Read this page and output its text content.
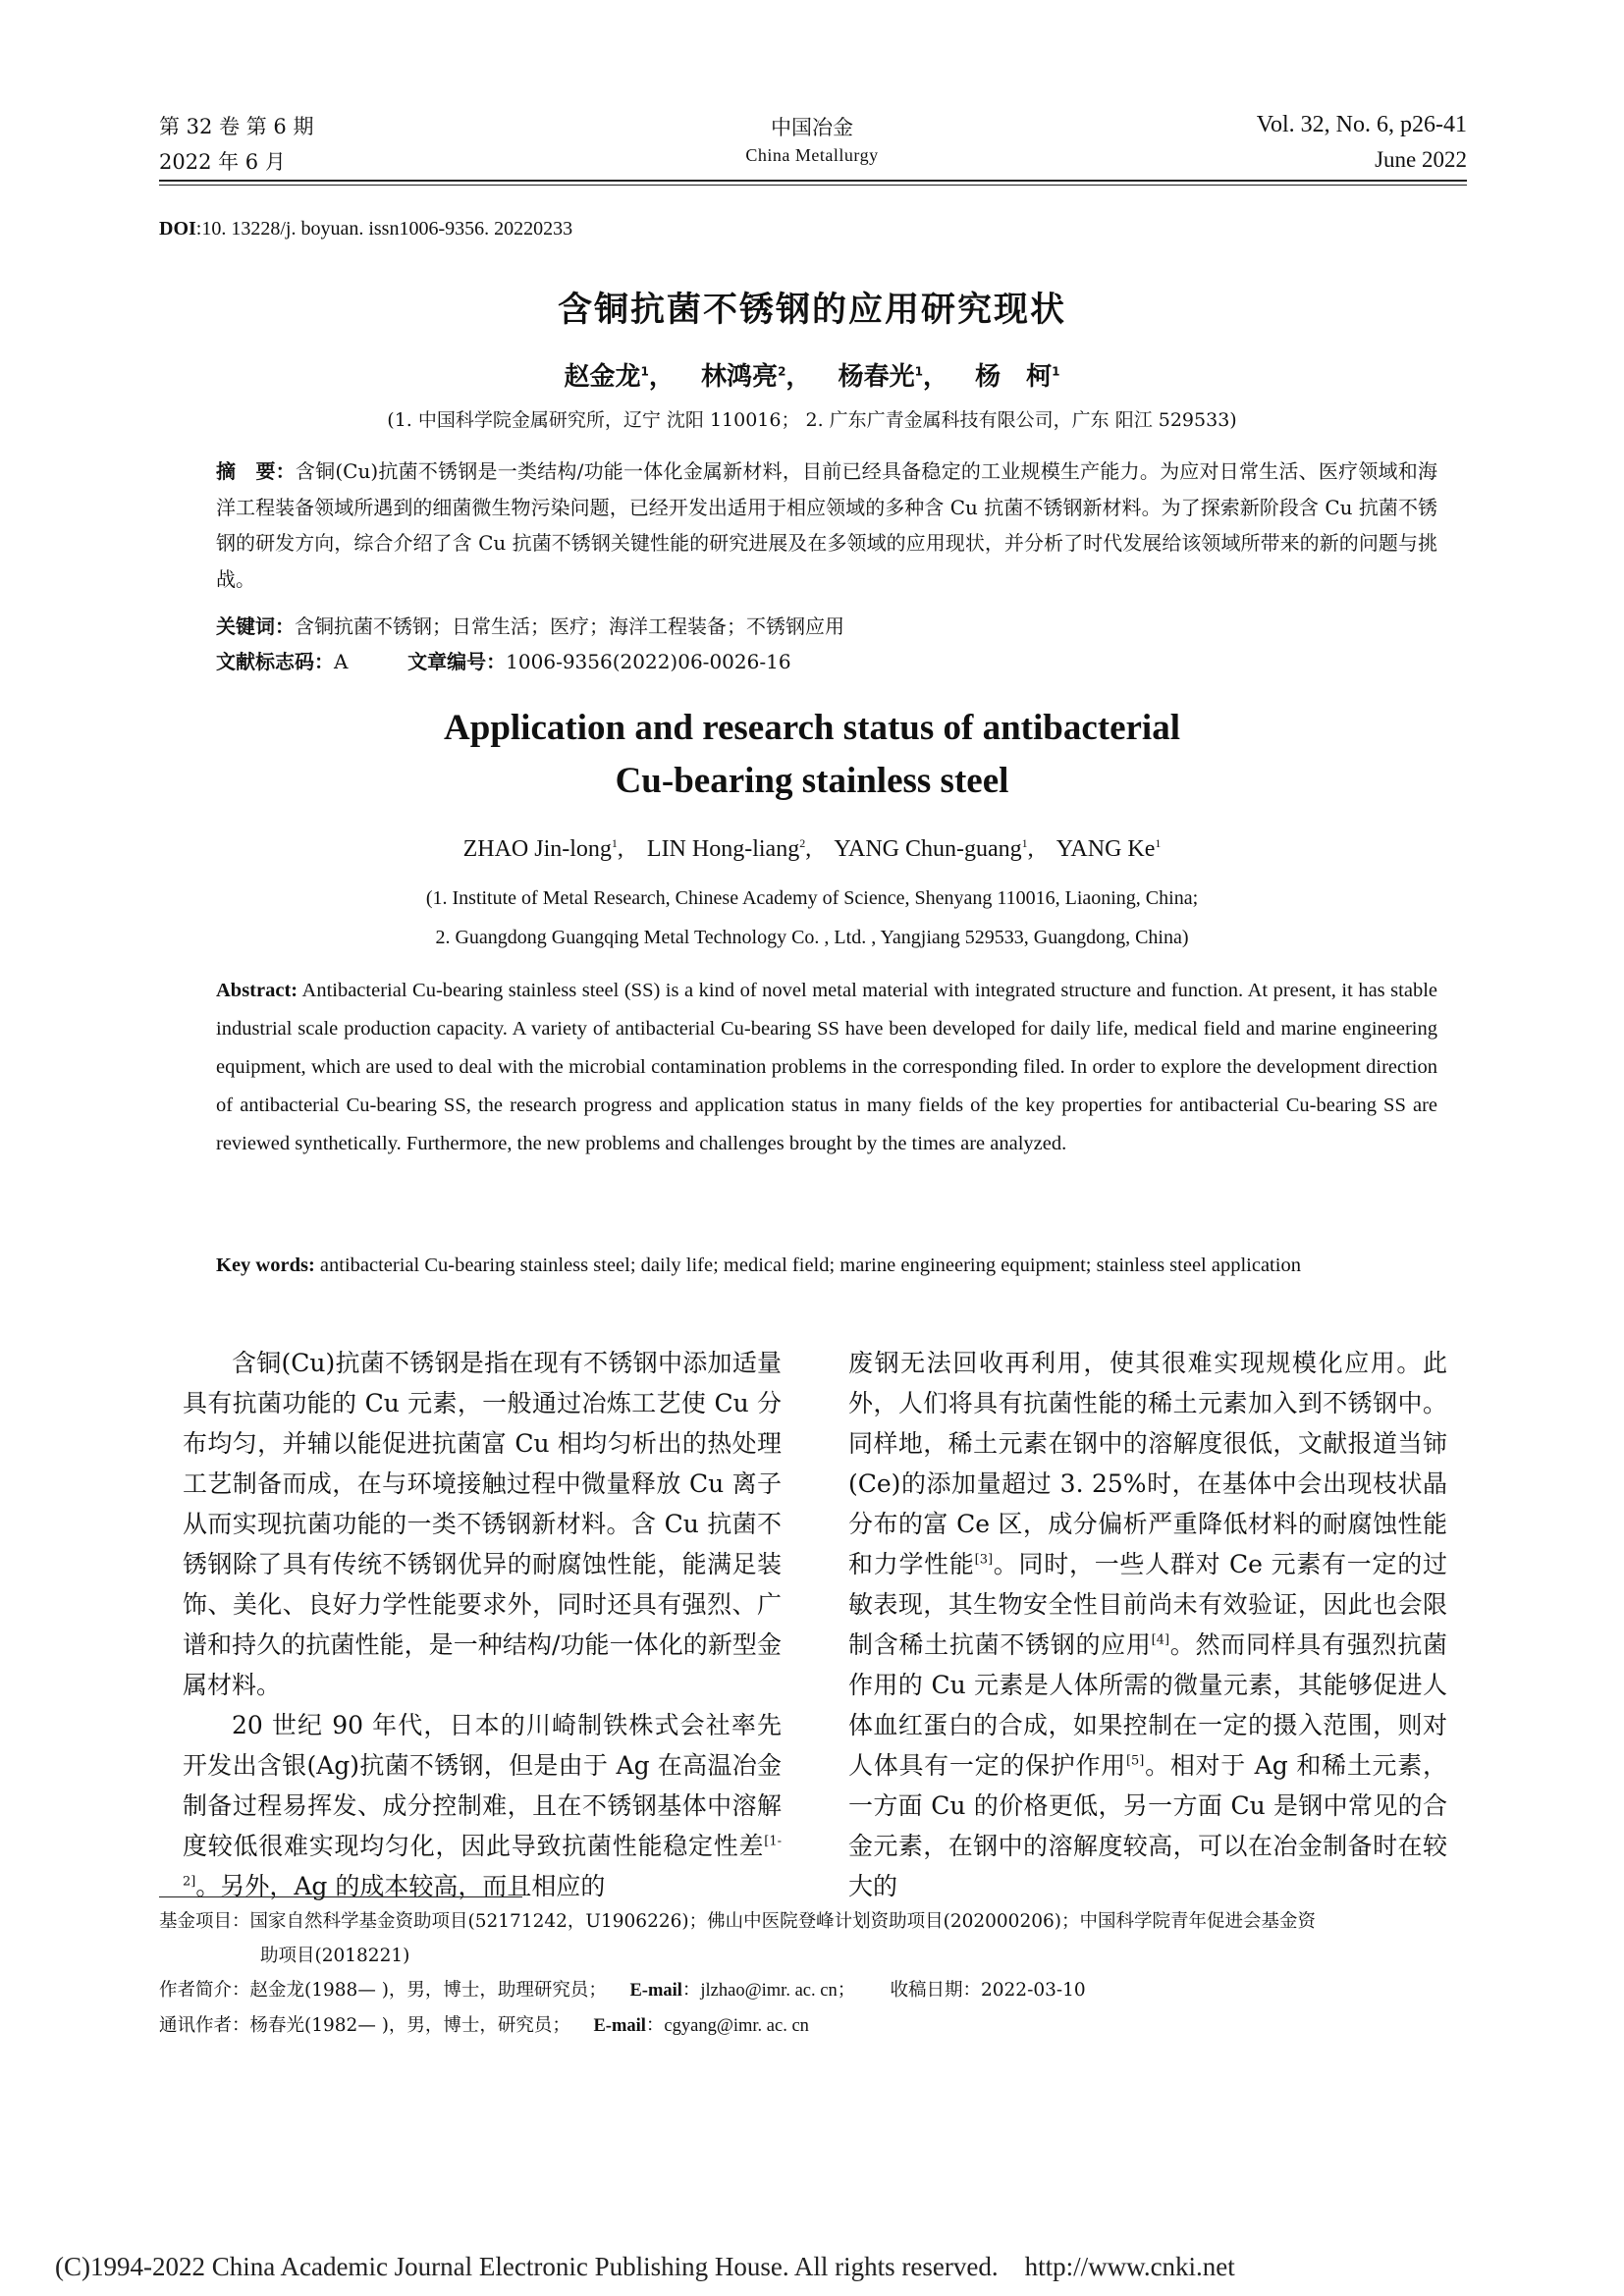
第 32 卷 第 6 期
2022 年 6 月
中国冶金
China Metallurgy
Vol. 32, No. 6, p26-41
June 2022
DOI:10. 13228/j. boyuan. issn1006-9356. 20220233
含铜抗菌不锈钢的应用研究现状
赵金龙$^1$，   林鸿亮$^2$，   杨春光$^1$，   杨　柯$^1$
(1. 中国科学院金属研究所，辽宁 沈阳 110016； 2. 广东广青金属科技有限公司，广东 阳江 529533)
摘　要：含铜(Cu)抗菌不锈钢是一类结构/功能一体化金属新材料，目前已经具备稳定的工业规模生产能力。为应对日常生活、医疗领域和海洋工程装备领域所遇到的细菌微生物污染问题，已经开发出适用于相应领域的多种含 Cu 抗菌不锈钢新材料。为了探索新阶段含 Cu 抗菌不锈钢的研发方向，综合介绍了含 Cu 抗菌不锈钢关键性能的研究进展及在多领域的应用现状，并分析了时代发展给该领域所带来的新的问题与挑战。
关键词：含铜抗菌不锈钢；日常生活；医疗；海洋工程装备；不锈钢应用
文献标志码：A	文章编号：1006-9356(2022)06-0026-16
Application and research status of antibacterial
Cu-bearing stainless steel
ZHAO Jin-long$^1$,    LIN Hong-liang$^2$,    YANG Chun-guang$^1$,    YANG Ke$^1$
(1. Institute of Metal Research, Chinese Academy of Science, Shenyang 110016, Liaoning, China;
2. Guangdong Guangqing Metal Technology Co. , Ltd. , Yangjiang 529533, Guangdong, China)
Abstract: Antibacterial Cu-bearing stainless steel (SS) is a kind of novel metal material with integrated structure and function. At present, it has stable industrial scale production capacity. A variety of antibacterial Cu-bearing SS have been developed for daily life, medical field and marine engineering equipment, which are used to deal with the microbial contamination problems in the corresponding filed. In order to explore the development direction of antibacterial Cu-bearing SS, the research progress and application status in many fields of the key properties for antibacterial Cu-bearing SS are reviewed synthetically. Furthermore, the new problems and challenges brought by the times are analyzed.
Key words: antibacterial Cu-bearing stainless steel; daily life; medical field; marine engineering equipment; stainless steel application

含铜(Cu)抗菌不锈钢是指在现有不锈钢中添加适量具有抗菌功能的 Cu 元素，一般通过冶炼工艺使 Cu 分布均匀，并辅以能促进抗菌富 Cu 相均匀析出的热处理工艺制备而成，在与环境接触过程中微量释放 Cu 离子从而实现抗菌功能的一类不锈钢新材料。含 Cu 抗菌不锈钢除了具有传统不锈钢优异的耐腐蚀性能，能满足装饰、美化、良好力学性能要求外，同时还具有强烈、广谱和持久的抗菌性能，是一种结构/功能一体化的新型金属材料。

20 世纪 90 年代，日本的川崎制铁株式会社率先开发出含银(Ag)抗菌不锈钢，但是由于 Ag 在高温冶金制备过程易挥发、成分控制难，且在不锈钢基体中溶解度较低很难实现均匀化，因此导致抗菌性能稳定性差[1-2]。另外，Ag 的成本较高，而且相应的

废钢无法回收再利用，使其很难实现规模化应用。此外，人们将具有抗菌性能的稀土元素加入到不锈钢中。同样地，稀土元素在钢中的溶解度很低，文献报道当铈(Ce)的添加量超过 3. 25%时，在基体中会出现枝状晶分布的富 Ce 区，成分偏析严重降低材料的耐腐蚀性能和力学性能[3]。同时，一些人群对 Ce 元素有一定的过敏表现，其生物安全性目前尚未有效验证，因此也会限制含稀土抗菌不锈钢的应用[4]。然而同样具有强烈抗菌作用的 Cu 元素是人体所需的微量元素，其能够促进人体血红蛋白的合成，如果控制在一定的摄入范围，则对人体具有一定的保护作用[5]。相对于 Ag 和稀土元素，一方面 Cu 的价格更低，另一方面 Cu 是钢中常见的合金元素，在钢中的溶解度较高，可以在冶金制备时在较大的

基金项目：国家自然科学基金资助项目(52171242，U1906226)；佛山中医院登峰计划资助项目(202000206)；中国科学院青年促进会基金资
助项目(2018221)
作者简介：赵金龙(1988— )，男，博士，助理研究员； E-mail：jlzhao@imr. ac. cn； 收稿日期：2022-03-10
通讯作者：杨春光(1982— )，男，博士，研究员； E-mail：cgyang@imr. ac. cn
(C)1994-2022 China Academic Journal Electronic Publishing House. All rights reserved.    http://www.cnki.net
